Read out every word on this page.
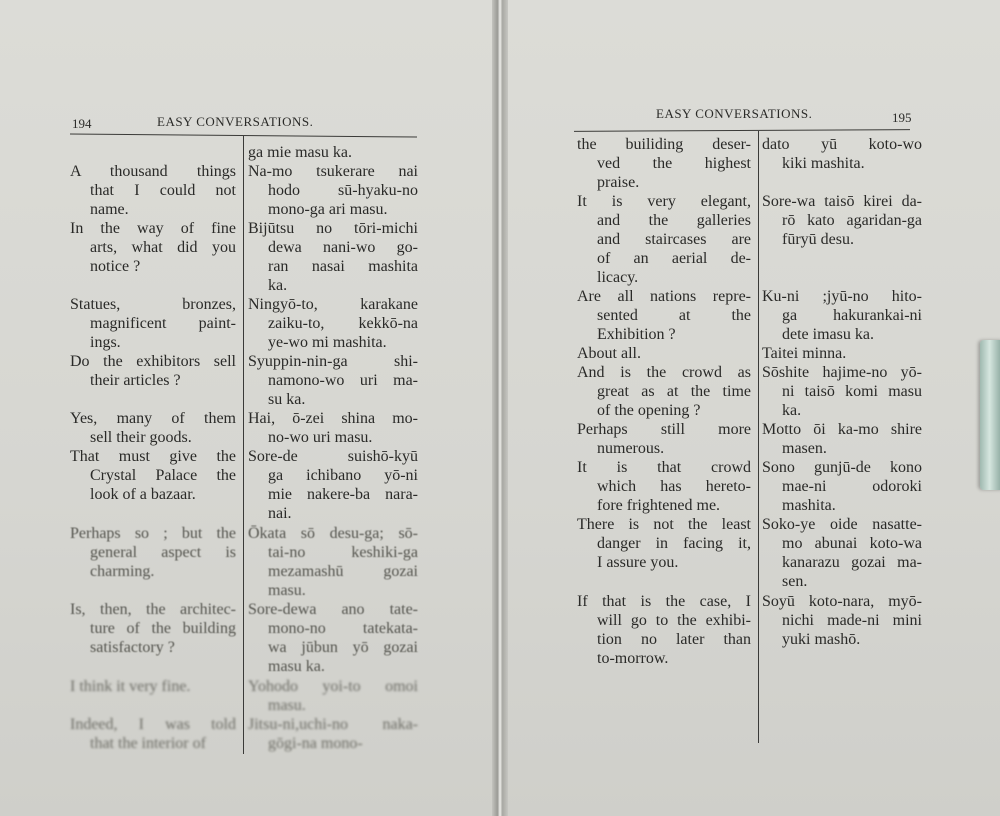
194	EASY CONVERSATIONS.
EASY CONVERSATIONS.	195
A thousand things
that I could not
name.
In the way of fine
arts, what did you
notice ?
Statues, bronzes,
magnificent paint-
ings.
Do the exhibitors sell
their articles ?
Yes, many of them
sell their goods.
That must give the
Crystal Palace the
look of a bazaar.
Perhaps so ; but the
general aspect is
charming.
Is, then, the architec-
ture of the building
satisfactory ?
I think it very fine.
Indeed, I was told
that the interior of
ga mie masu ka.
Na-mo tsukerare nai
hodo sū-hyaku-no
mono-ga ari masu.
Bijūtsu no tōri-michi
dewa nani-wo go-
ran nasai mashita
ka.
Ningyō-to, karakane
zaiku-to, kekkō-na
ye-wo mi mashita.
Syuppin-nin-ga shi-
namono-wo uri ma-
su ka.
Hai, ō-zei shina mo-
no-wo uri masu.
Sore-de suishō-kyū
ga ichibano yō-ni
mie nakere-ba nara-
nai.
Ōkata sō desu-ga; sō-
tai-no keshiki-ga
mezamashū gozai
masu.
Sore-dewa ano tate-
mono-no tatekata-
wa jūbun yō gozai
masu ka.
Yohodo yoi-to omoi
masu.
Jitsu-ni,uchi-no naka-
gōgi-na mono-
the builiding deser-
ved the highest
praise.
It is very elegant,
and the galleries
and staircases are
of an aerial de-
licacy.
Are all nations repre-
sented at the
Exhibition ?
About all.
And is the crowd as
great as at the time
of the opening ?
Perhaps still more
numerous.
It is that crowd
which has hereto-
fore frightened me.
There is not the least
danger in facing it,
I assure you.
If that is the case, I
will go to the exhibi-
tion no later than
to-morrow.
dato yū koto-wo
kiki mashita.
Sore-wa taisō kirei da-
rō kato agaridan-ga
fūryū desu.
Ku-ni ;jyū-no hito-
ga hakurankai-ni
dete imasu ka.
Taitei minna.
Sōshite hajime-no yō-
ni taisō komi masu
ka.
Motto ōi ka-mo shire
masen.
Sono gunjū-de kono
mae-ni odoroki
mashita.
Soko-ye oide nasatte-
mo abunai koto-wa
kanarazu gozai ma-
sen.
Soyū koto-nara, myō-
nichi made-ni mini
yuki mashō.
